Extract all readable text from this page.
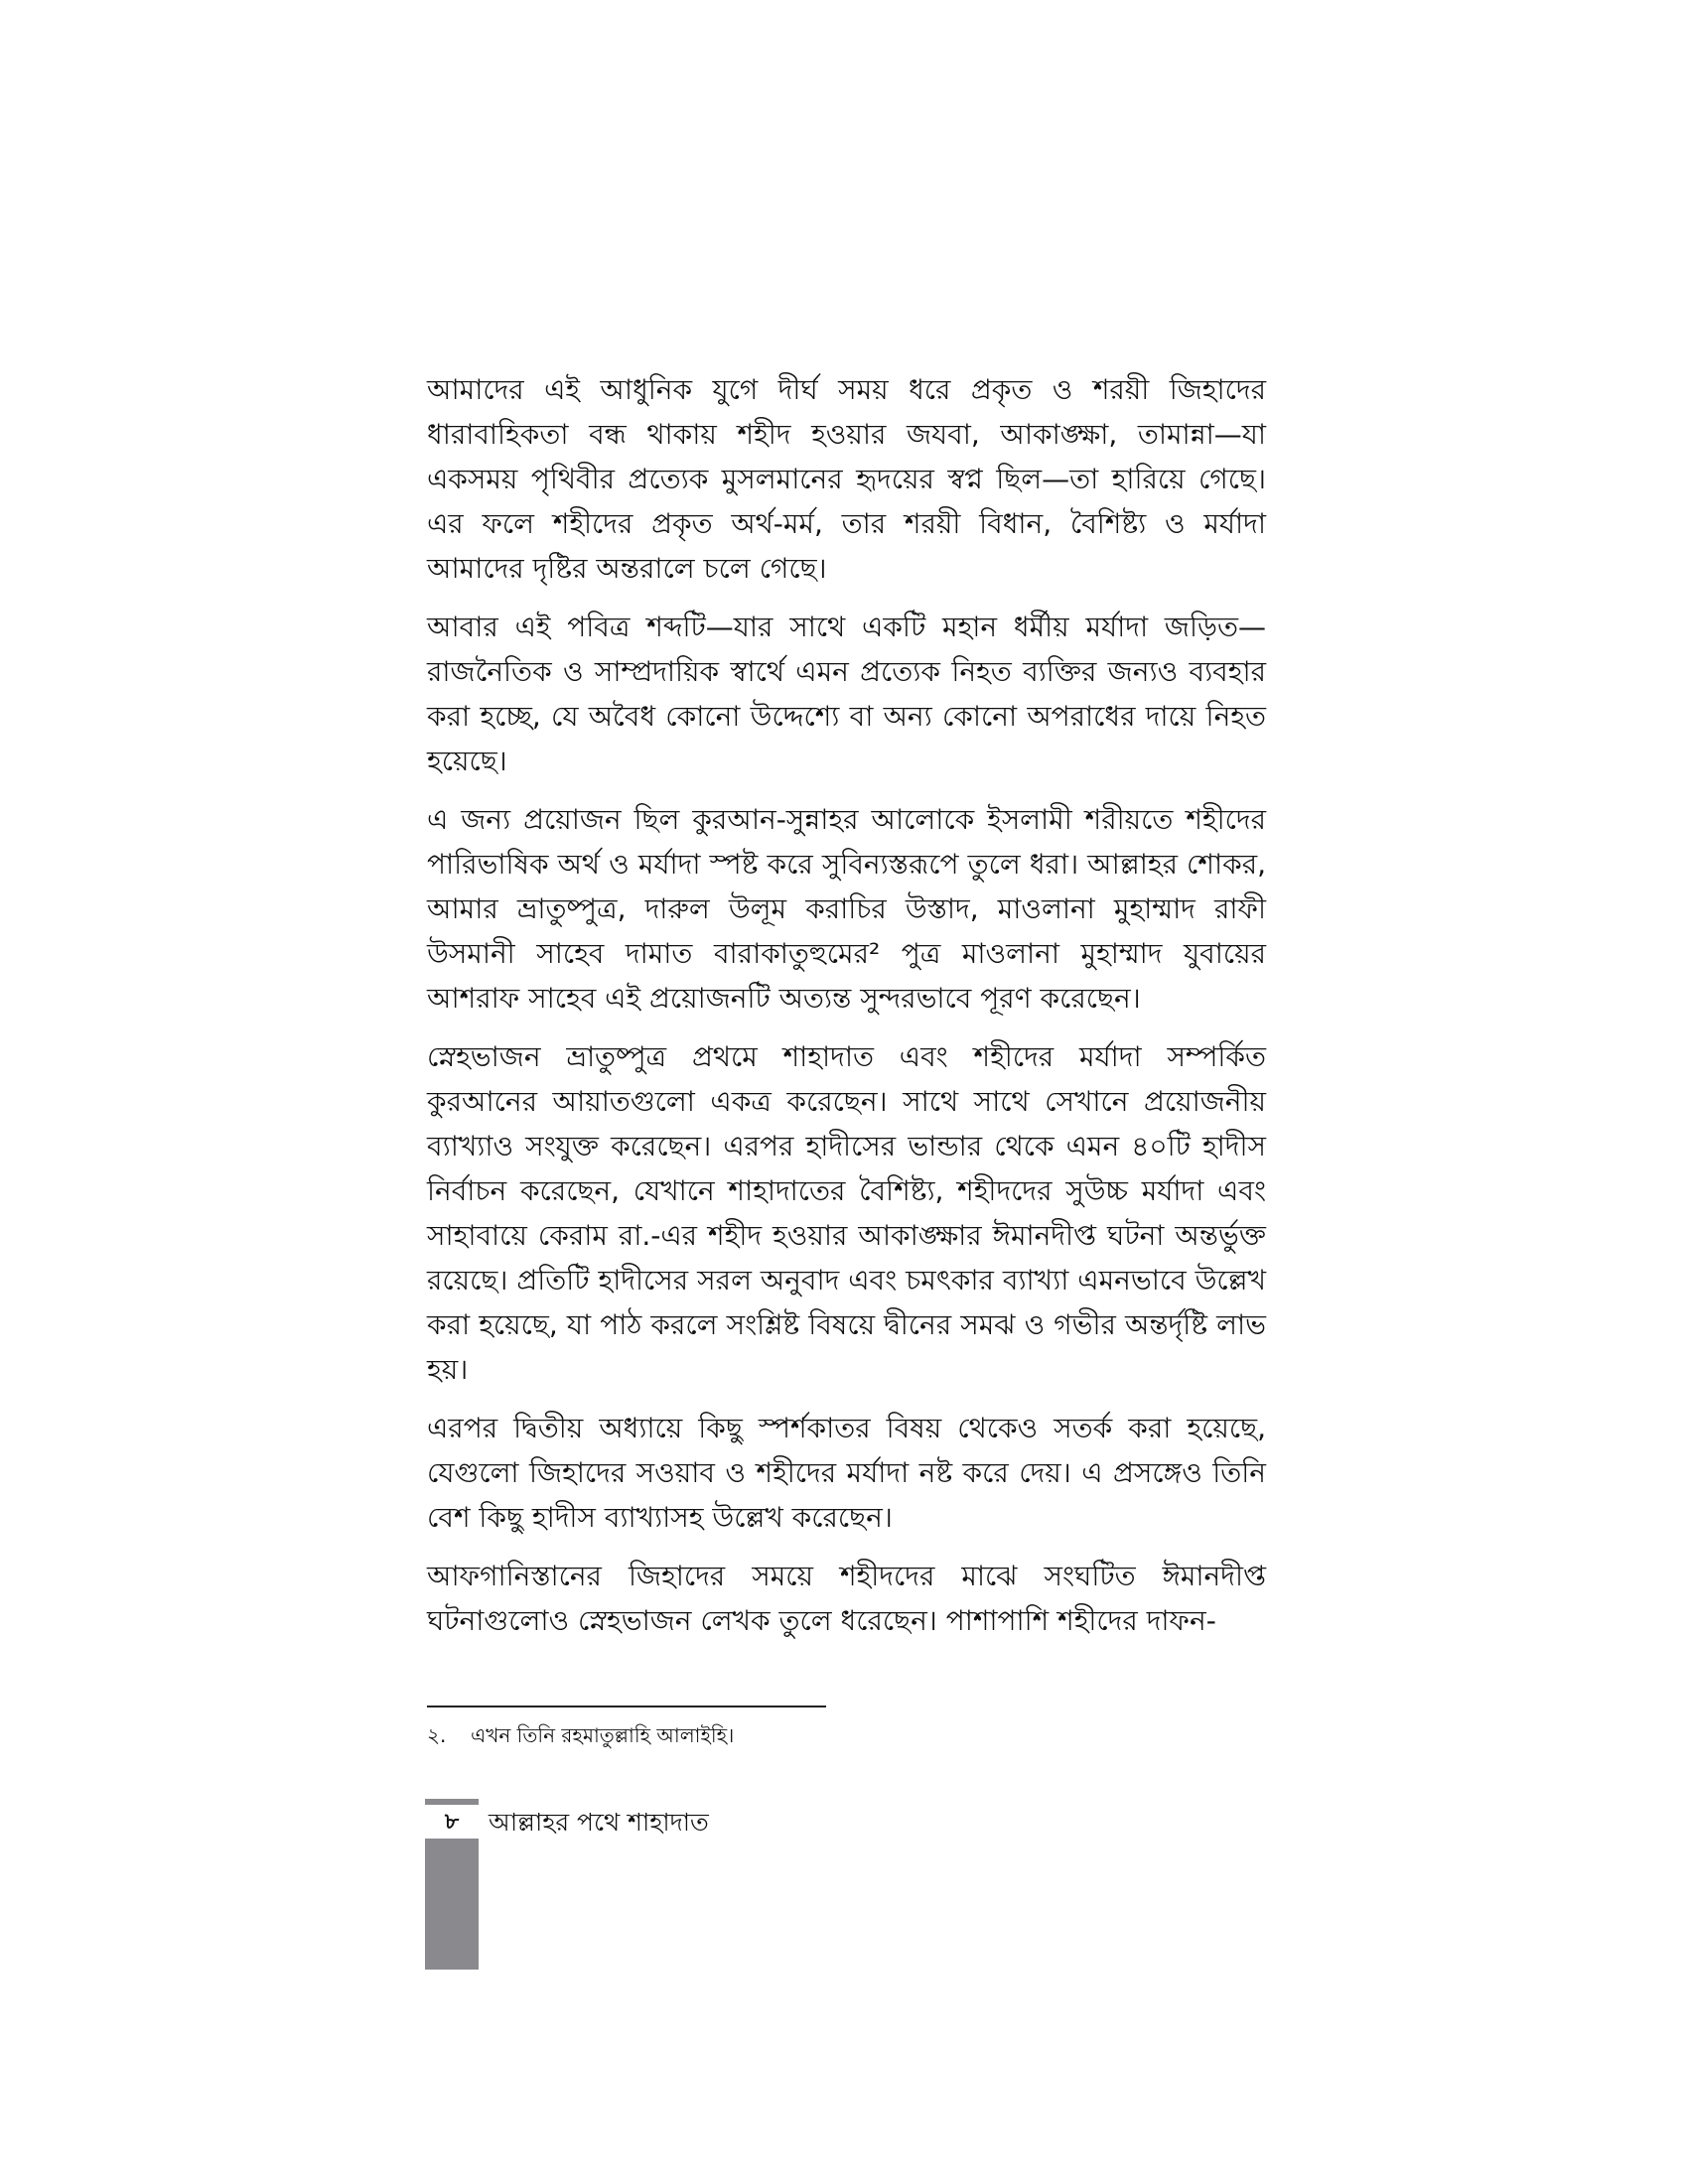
আমাদের এই আধুনিক যুগে দীর্ঘ সময় ধরে প্রকৃত ও শরয়ী জিহাদের ধারাবাহিকতা বন্ধ থাকায় শহীদ হওয়ার জযবা, আকাঙ্ক্ষা, তামান্না—যা একসময় পৃথিবীর প্রত্যেক মুসলমানের হৃদয়ের স্বপ্ন ছিল—তা হারিয়ে গেছে। এর ফলে শহীদের প্রকৃত অর্থ-মর্ম, তার শরয়ী বিধান, বৈশিষ্ট্য ও মর্যাদা আমাদের দৃষ্টির অন্তরালে চলে গেছে।

আবার এই পবিত্র শব্দটি—যার সাথে একটি মহান ধর্মীয় মর্যাদা জড়িত—রাজনৈতিক ও সাম্প্রদায়িক স্বার্থে এমন প্রত্যেক নিহত ব্যক্তির জন্যও ব্যবহার করা হচ্ছে, যে অবৈধ কোনো উদ্দেশ্যে বা অন্য কোনো অপরাধের দায়ে নিহত হয়েছে।

এ জন্য প্রয়োজন ছিল কুরআন-সুন্নাহর আলোকে ইসলামী শরীয়তে শহীদের পারিভাষিক অর্থ ও মর্যাদা স্পষ্ট করে সুবিন্যস্তরূপে তুলে ধরা। আল্লাহর শোকর, আমার ভ্রাতুষ্পুত্র, দারুল উলূম করাচির উস্তাদ, মাওলানা মুহাম্মাদ রাফী উসমানী সাহেব দামাত বারাকাতুহুমের² পুত্র মাওলানা মুহাম্মাদ যুবায়ের আশরাফ সাহেব এই প্রয়োজনটি অত্যন্ত সুন্দরভাবে পূরণ করেছেন।

স্নেহভাজন ভ্রাতুষ্পুত্র প্রথমে শাহাদাত এবং শহীদের মর্যাদা সম্পর্কিত কুরআনের আয়াতগুলো একত্র করেছেন। সাথে সাথে সেখানে প্রয়োজনীয় ব্যাখ্যাও সংযুক্ত করেছেন। এরপর হাদীসের ভান্ডার থেকে এমন ৪০টি হাদীস নির্বাচন করেছেন, যেখানে শাহাদাতের বৈশিষ্ট্য, শহীদদের সুউচ্চ মর্যাদা এবং সাহাবায়ে কেরাম রা.-এর শহীদ হওয়ার আকাঙ্ক্ষার ঈমানদীপ্ত ঘটনা অন্তর্ভুক্ত রয়েছে। প্রতিটি হাদীসের সরল অনুবাদ এবং চমৎকার ব্যাখ্যা এমনভাবে উল্লেখ করা হয়েছে, যা পাঠ করলে সংশ্লিষ্ট বিষয়ে দ্বীনের সমঝ ও গভীর অন্তর্দৃষ্টি লাভ হয়।

এরপর দ্বিতীয় অধ্যায়ে কিছু স্পর্শকাতর বিষয় থেকেও সতর্ক করা হয়েছে, যেগুলো জিহাদের সওয়াব ও শহীদের মর্যাদা নষ্ট করে দেয়। এ প্রসঙ্গেও তিনি বেশ কিছু হাদীস ব্যাখ্যাসহ উল্লেখ করেছেন।

আফগানিস্তানের জিহাদের সময়ে শহীদদের মাঝে সংঘটিত ঈমানদীপ্ত ঘটনাগুলোও স্নেহভাজন লেখক তুলে ধরেছেন। পাশাপাশি শহীদের দাফন-

২.	এখন তিনি রহমাতুল্লাহি আলাইহি।
৮	আল্লাহর পথে শাহাদাত
